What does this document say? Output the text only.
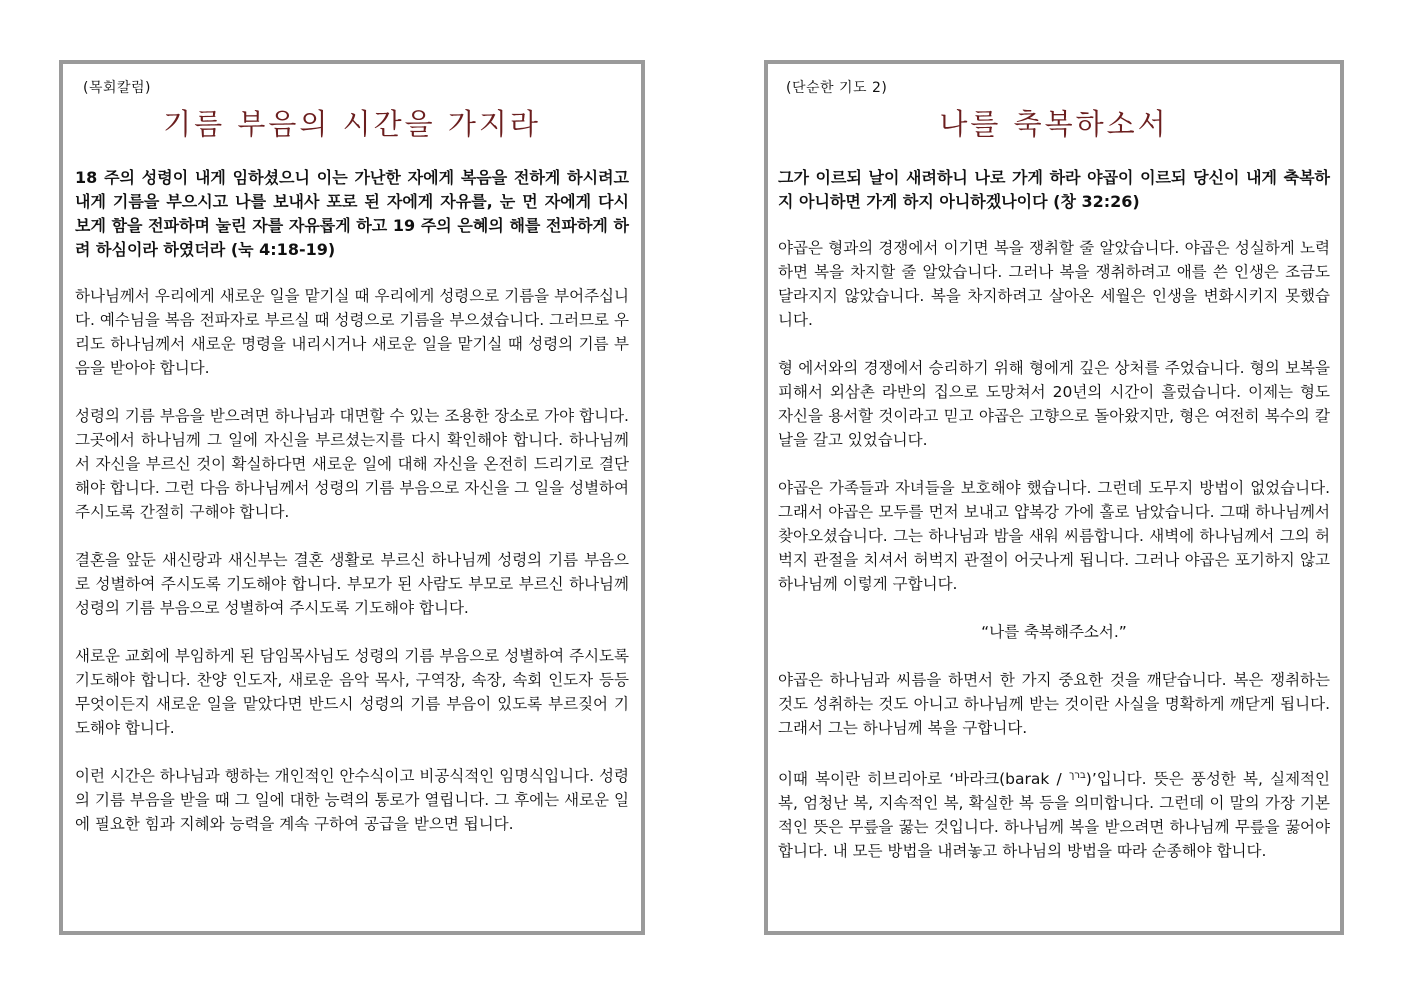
(목회칼럼)
기름 부음의 시간을 가지라
18 주의 성령이 내게 임하셨으니 이는 가난한 자에게 복음을 전하게 하시려고 내게 기름을 부으시고 나를 보내사 포로 된 자에게 자유를, 눈 먼 자에게 다시 보게 함을 전파하며 눌린 자를 자유롭게 하고 19 주의 은혜의 해를 전파하게 하려 하심이라 하였더라 (눅 4:18-19)
하나님께서 우리에게 새로운 일을 맡기실 때 우리에게 성령으로 기름을 부어주십니다. 예수님을 복음 전파자로 부르실 때 성령으로 기름을 부으셨습니다. 그러므로 우리도 하나님께서 새로운 명령을 내리시거나 새로운 일을 맡기실 때 성령의 기름 부음을 받아야 합니다.
성령의 기름 부음을 받으려면 하나님과 대면할 수 있는 조용한 장소로 가야 합니다. 그곳에서 하나님께 그 일에 자신을 부르셨는지를 다시 확인해야 합니다. 하나님께서 자신을 부르신 것이 확실하다면 새로운 일에 대해 자신을 온전히 드리기로 결단해야 합니다. 그런 다음 하나님께서 성령의 기름 부음으로 자신을 그 일을 성별하여 주시도록 간절히 구해야 합니다.
결혼을 앞둔 새신랑과 새신부는 결혼 생활로 부르신 하나님께 성령의 기름 부음으로 성별하여 주시도록 기도해야 합니다. 부모가 된 사람도 부모로 부르신 하나님께 성령의 기름 부음으로 성별하여 주시도록 기도해야 합니다.
새로운 교회에 부임하게 된 담임목사님도 성령의 기름 부음으로 성별하여 주시도록 기도해야 합니다. 찬양 인도자, 새로운 음악 목사, 구역장, 속장, 속회 인도자 등등 무엇이든지 새로운 일을 맡았다면 반드시 성령의 기름 부음이 있도록 부르짖어 기도해야 합니다.
이런 시간은 하나님과 행하는 개인적인 안수식이고 비공식적인 임명식입니다. 성령의 기름 부음을 받을 때 그 일에 대한 능력의 통로가 열립니다. 그 후에는 새로운 일에 필요한 힘과 지혜와 능력을 계속 구하여 공급을 받으면 됩니다.
(단순한 기도 2)
나를 축복하소서
그가 이르되 날이 새려하니 나로 가게 하라 야곱이 이르되 당신이 내게 축복하지 아니하면 가게 하지 아니하겠나이다 (창 32:26)
야곱은 형과의 경쟁에서 이기면 복을 쟁취할 줄 알았습니다. 야곱은 성실하게 노력하면 복을 차지할 줄 알았습니다. 그러나 복을 쟁취하려고 애를 쓴 인생은 조금도 달라지지 않았습니다. 복을 차지하려고 살아온 세월은 인생을 변화시키지 못했습니다.
형 에서와의 경쟁에서 승리하기 위해 형에게 깊은 상처를 주었습니다. 형의 보복을 피해서 외삼촌 라반의 집으로 도망쳐서 20년의 시간이 흘렀습니다. 이제는 형도 자신을 용서할 것이라고 믿고 야곱은 고향으로 돌아왔지만, 형은 여전히 복수의 칼날을 갈고 있었습니다.
야곱은 가족들과 자녀들을 보호해야 했습니다. 그런데 도무지 방법이 없었습니다. 그래서 야곱은 모두를 먼저 보내고 얍복강 가에 홀로 남았습니다. 그때 하나님께서 찾아오셨습니다. 그는 하나님과 밤을 새워 씨름합니다. 새벽에 하나님께서 그의 허벅지 관절을 치셔서 허벅지 관절이 어긋나게 됩니다. 그러나 야곱은 포기하지 않고 하나님께 이렇게 구합니다.
“나를 축복해주소서.”
야곱은 하나님과 씨름을 하면서 한 가지 중요한 것을 깨닫습니다. 복은 쟁취하는 것도 성취하는 것도 아니고 하나님께 받는 것이란 사실을 명확하게 깨닫게 됩니다. 그래서 그는 하나님께 복을 구합니다.
이때 복이란 히브리아로 ‘바라크(barak / ברך)’입니다. 뜻은 풍성한 복, 실제적인 복, 엄청난 복, 지속적인 복, 확실한 복 등을 의미합니다. 그런데 이 말의 가장 기본적인 뜻은 무릎을 꿇는 것입니다. 하나님께 복을 받으려면 하나님께 무릎을 꿇어야 합니다. 내 모든 방법을 내려놓고 하나님의 방법을 따라 순종해야 합니다.
